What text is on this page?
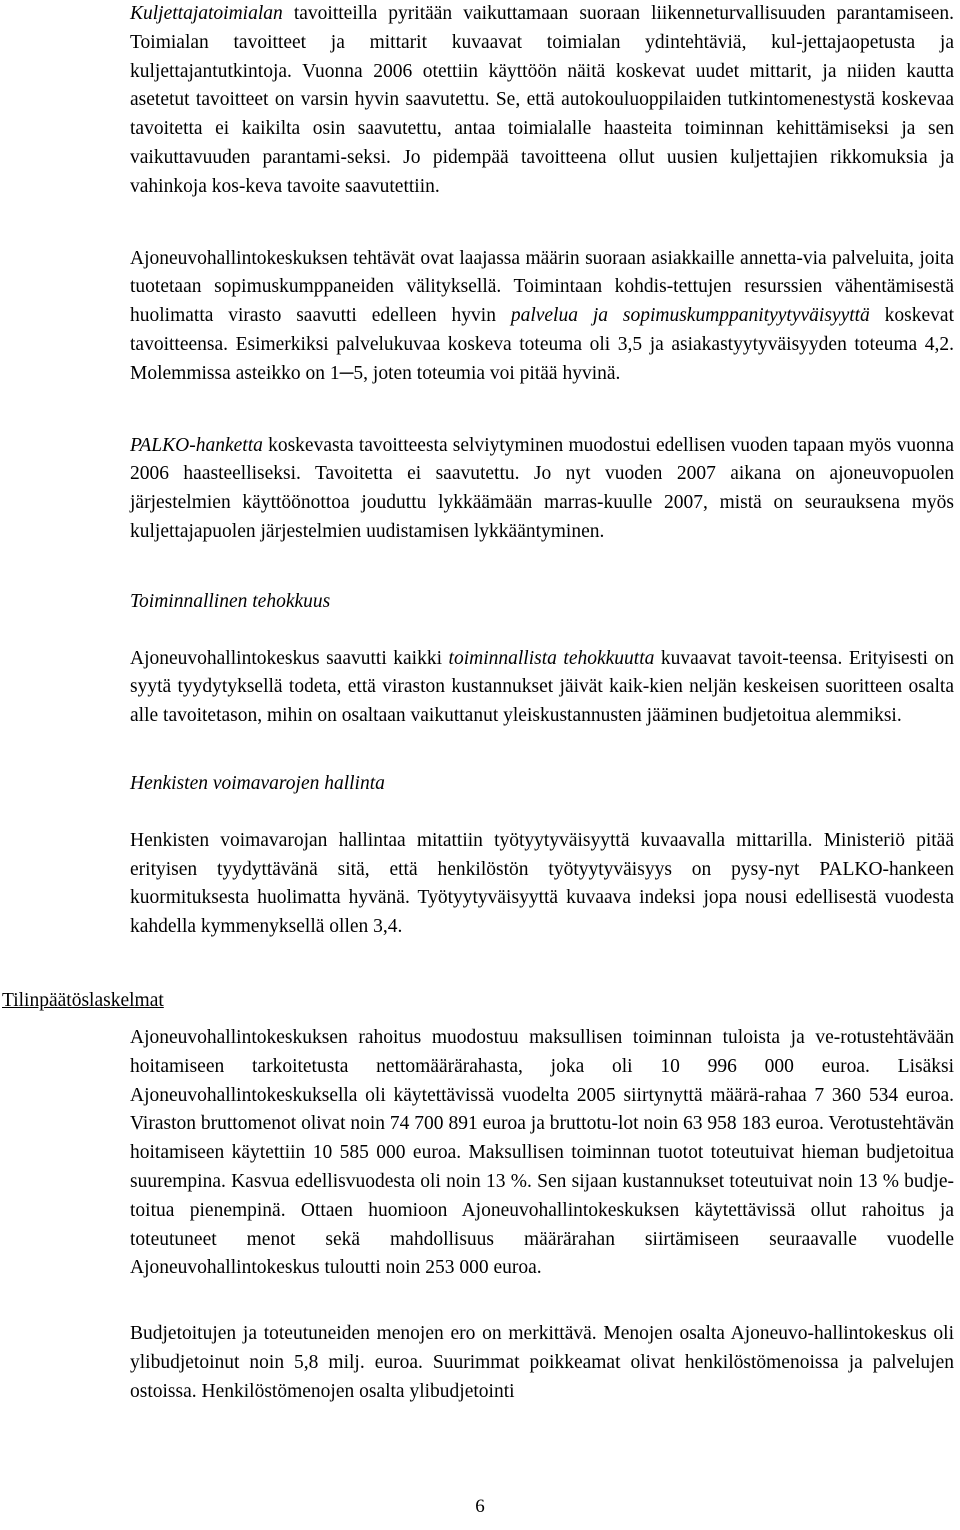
Kuljettajatoimialan tavoitteilla pyritään vaikuttamaan suoraan liikenneturvallisuuden parantamiseen. Toimialan tavoitteet ja mittarit kuvaavat toimialan ydintehtäviä, kul-jettajaopetusta ja kuljettajantutkintoja. Vuonna 2006 otettiin käyttöön näitä koskevat uudet mittarit, ja niiden kautta asetetut tavoitteet on varsin hyvin saavutettu. Se, että autokouluoppilaiden tutkintomenestystä koskevaa tavoitetta ei kaikilta osin saavutettu, antaa toimialalle haasteita toiminnan kehittämiseksi ja sen vaikuttavuuden parantami-seksi. Jo pidempää tavoitteena ollut uusien kuljettajien rikkomuksia ja vahinkoja kos-keva tavoite saavutettiin.

Ajoneuvohallintokeskuksen tehtävät ovat laajassa määrin suoraan asiakkaille annetta-via palveluita, joita tuotetaan sopimuskumppaneiden välityksellä. Toimintaan kohdis-tettujen resurssien vähentämisestä huolimatta virasto saavutti edelleen hyvin palvelua ja sopimuskumppanityytyväisyyttä koskevat tavoitteensa. Esimerkiksi palvelukuvaa koskeva toteuma oli 3,5 ja asiakastyytyväisyyden toteuma 4,2. Molemmissa asteikko on 1─5, joten toteumia voi pitää hyvinä.

PALKO-hanketta koskevasta tavoitteesta selviytyminen muodostui edellisen vuoden tapaan myös vuonna 2006 haasteelliseksi. Tavoitetta ei saavutettu. Jo nyt vuoden 2007 aikana on ajoneuvopuolen järjestelmien käyttöönottoa jouduttu lykkäämään marras-kuulle 2007, mistä on seurauksena myös kuljettajapuolen järjestelmien uudistamisen lykkääntyminen.

Toiminnallinen tehokkuus

Ajoneuvohallintokeskus saavutti kaikki toiminnallista tehokkuutta kuvaavat tavoit-teensa. Erityisesti on syytä tyydytyksellä todeta, että viraston kustannukset jäivät kaik-kien neljän keskeisen suoritteen osalta alle tavoitetason, mihin on osaltaan vaikuttanut yleiskustannusten jääminen budjetoitua alemmiksi.

Henkisten voimavarojen hallinta

Henkisten voimavarojan hallintaa mitattiin työtyytyväisyyttä kuvaavalla mittarilla. Ministeriö pitää erityisen tyydyttävänä sitä, että henkilöstön työtyytyväisyys on pysy-nyt PALKO-hankeen kuormituksesta huolimatta hyvänä. Työtyytyväisyyttä kuvaava indeksi jopa nousi edellisestä vuodesta kahdella kymmenyksellä ollen 3,4.

Ajoneuvohallintokeskuksen rahoitus muodostuu maksullisen toiminnan tuloista ja ve-rotustehtävään hoitamiseen tarkoitetusta nettomäärärahasta, joka oli 10 996 000 euroa. Lisäksi Ajoneuvohallintokeskuksella oli käytettävissä vuodelta 2005 siirtynyttä määrä-rahaa 7 360 534 euroa. Viraston bruttomenot olivat noin 74 700 891 euroa ja bruttotu-lot noin 63 958 183 euroa. Verotustehtävän hoitamiseen käytettiin 10 585 000 euroa. Maksullisen toiminnan tuotot toteutuivat hieman budjetoitua suurempina. Kasvua edellisvuodesta oli noin 13 %. Sen sijaan kustannukset toteutuivat noin 13 % budje-toitua pienempinä. Ottaen huomioon Ajoneuvohallintokeskuksen käytettävissä ollut rahoitus ja toteutuneet menot sekä mahdollisuus määrärahan siirtämiseen seuraavalle vuodelle Ajoneuvohallintokeskus tuloutti noin 253 000 euroa.

Budjetoitujen ja toteutuneiden menojen ero on merkittävä. Menojen osalta Ajoneuvo-hallintokeskus oli ylibudjetoinut noin 5,8 milj. euroa. Suurimmat poikkeamat olivat henkilöstömenoissa ja palvelujen ostoissa. Henkilöstömenojen osalta ylibudjetointi

Tilinpäätöslaskelmat
6
